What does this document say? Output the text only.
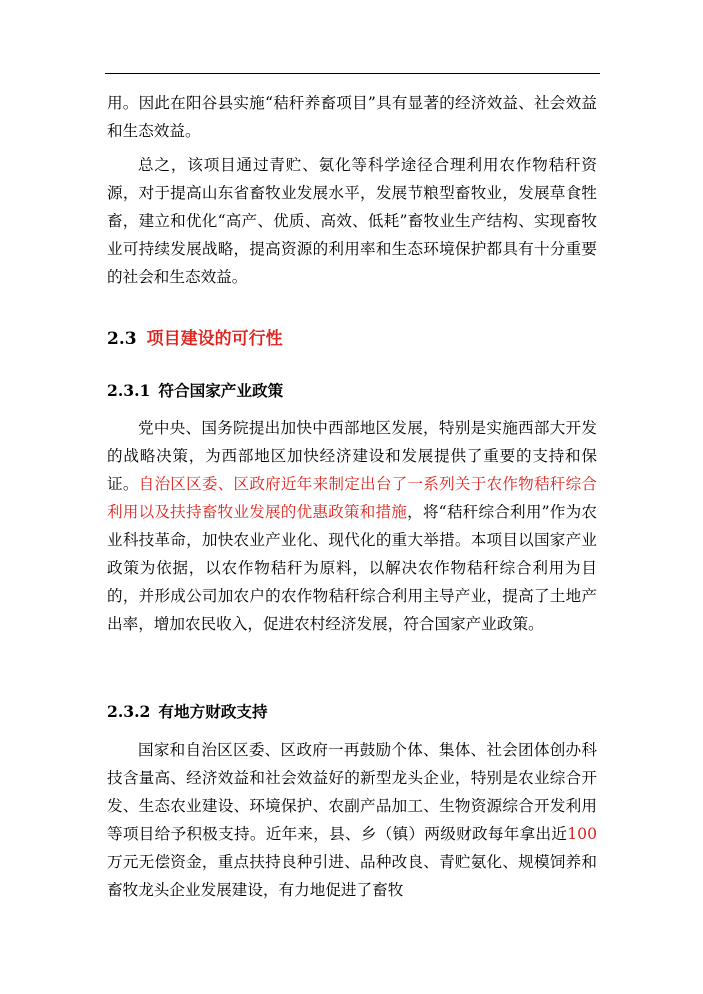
用。因此在阳谷县实施“秸秆养畜项目”具有显著的经济效益、社会效益和生态效益。

总之，该项目通过青贮、氨化等科学途径合理利用农作物秸秆资源，对于提高山东省畜牧业发展水平，发展节粮型畜牧业，发展草食牲畜，建立和优化“高产、优质、高效、低耗”畜牧业生产结构、实现畜牧业可持续发展战略，提高资源的利用率和生态环境保护都具有十分重要的社会和生态效益。

2.3 项目建设的可行性
2.3.1 符合国家产业政策

党中央、国务院提出加快中西部地区发展，特别是实施西部大开发的战略决策，为西部地区加快经济建设和发展提供了重要的支持和保证。自治区区委、区政府近年来制定出台了一系列关于农作物秸秆综合利用以及扶持畜牧业发展的优惠政策和措施，将“秸秆综合利用”作为农业科技革命，加快农业产业化、现代化的重大举措。本项目以国家产业政策为依据，以农作物秸秆为原料，以解决农作物秸秆综合利用为目的，并形成公司加农户的农作物秸秆综合利用主导产业，提高了土地产出率，增加农民收入，促进农村经济发展，符合国家产业政策。

2.3.2 有地方财政支持

国家和自治区区委、区政府一再鼓励个体、集体、社会团体创办科技含量高、经济效益和社会效益好的新型龙头企业，特别是农业综合开发、生态农业建设、环境保护、农副产品加工、生物资源综合开发利用等项目给予积极支持。近年来，县、乡（镇）两级财政每年拿出近100万元无偿资金，重点扶持良种引进、品种改良、青贮氨化、规模饲养和畜牧龙头企业发展建设，有力地促进了畜牧
